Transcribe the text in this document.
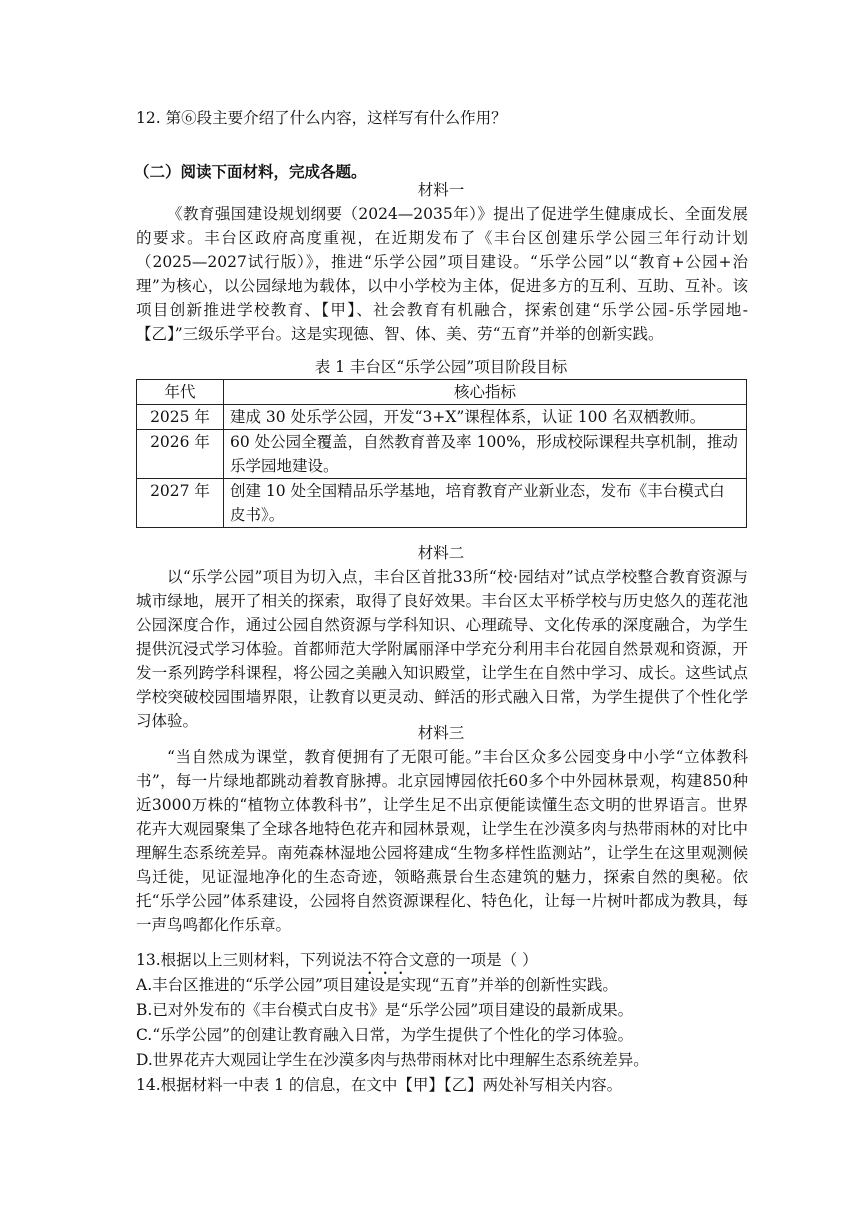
12. 第⑥段主要介绍了什么内容，这样写有什么作用？
（二）阅读下面材料，完成各题。
材料一

《教育强国建设规划纲要（2024—2035年）》提出了促进学生健康成长、全面发展的要求。丰台区政府高度重视，在近期发布了《丰台区创建乐学公园三年行动计划（2025—2027试行版）》，推进“乐学公园”项目建设。“乐学公园”以“教育+公园+治理”为核心，以公园绿地为载体，以中小学校为主体，促进多方的互利、互助、互补。该项目创新推进学校教育、【甲】、社会教育有机融合，探索创建“乐学公园-乐学园地-【乙】”三级乐学平台。这是实现德、智、体、美、劳“五育”并举的创新实践。

表 1 丰台区“乐学公园”项目阶段目标
年代	核心指标
2025 年	建成 30 处乐学公园，开发“3+X”课程体系，认证 100 名双栖教师。
2026 年	60 处公园全覆盖，自然教育普及率 100%，形成校际课程共享机制，推动乐学园地建设。
2027 年	创建 10 处全国精品乐学基地，培育教育产业新业态，发布《丰台模式白皮书》。
材料二

以“乐学公园”项目为切入点，丰台区首批33所“校·园结对”试点学校整合教育资源与城市绿地，展开了相关的探索，取得了良好效果。丰台区太平桥学校与历史悠久的莲花池公园深度合作，通过公园自然资源与学科知识、心理疏导、文化传承的深度融合，为学生提供沉浸式学习体验。首都师范大学附属丽泽中学充分利用丰台花园自然景观和资源，开发一系列跨学科课程，将公园之美融入知识殿堂，让学生在自然中学习、成长。这些试点学校突破校园围墙界限，让教育以更灵动、鲜活的形式融入日常，为学生提供了个性化学习体验。

材料三

“当自然成为课堂，教育便拥有了无限可能。”丰台区众多公园变身中小学“立体教科书”，每一片绿地都跳动着教育脉搏。北京园博园依托60多个中外园林景观，构建850种近3000万株的“植物立体教科书”，让学生足不出京便能读懂生态文明的世界语言。世界花卉大观园聚集了全球各地特色花卉和园林景观，让学生在沙漠多肉与热带雨林的对比中理解生态系统差异。南苑森林湿地公园将建成“生物多样性监测站”，让学生在这里观测候鸟迁徙，见证湿地净化的生态奇迹，领略燕景台生态建筑的魅力，探索自然的奥秘。依托“乐学公园”体系建设，公园将自然资源课程化、特色化，让每一片树叶都成为教具，每一声鸟鸣都化作乐章。

13.根据以上三则材料，下列说法不符合文意的一项是（ ）
A.丰台区推进的“乐学公园”项目建设是实现“五育”并举的创新性实践。
B.已对外发布的《丰台模式白皮书》是“乐学公园”项目建设的最新成果。
C.“乐学公园”的创建让教育融入日常，为学生提供了个性化的学习体验。
D.世界花卉大观园让学生在沙漠多肉与热带雨林对比中理解生态系统差异。
14.根据材料一中表 1 的信息，在文中【甲】【乙】两处补写相关内容。
